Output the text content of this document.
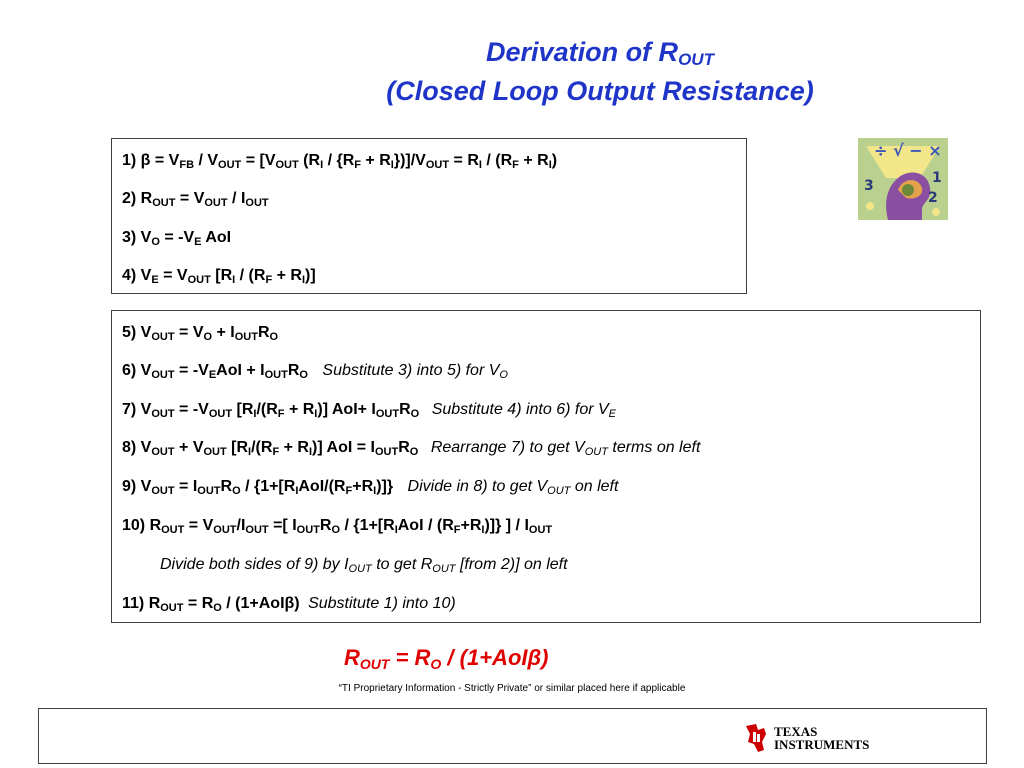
Derivation of $R_{OUT}$
(Closed Loop Output Resistance)
÷ √ − ×
3	1
2
1) $\beta = V_{FB} / V_{OUT} = [V_{OUT}$ $(R_I / \{R_F + R_I\})]/V_{OUT} = R_I / (R_F + R_I)$
2) $R_{OUT} = V_{OUT} / I_{OUT}$
3) $V_O = -V_E$ AoI
4) $V_E = V_{OUT}$ $[R_I / (R_F + R_I)]$
5) $V_{OUT} = V_O + I_{OUT}R_O$
6) $V_{OUT} = -V_EAoI + I_{OUT}R_O$ Substitute 3) into 5) for $V_O$
7) $V_{OUT} = -V_{OUT}$ $[R_I/(R_F + R_I)]$ $AoI+ I_{OUT}R_O$ Substitute 4) into 6) for $V_E$
8) $V_{OUT} + V_{OUT}$ $[R_I/(R_F + R_I)]$ AoI = $I_{OUT}R_O$ Rearrange 7) to get $V_{OUT}$ terms on left
9) $V_{OUT} = I_{OUT}R_O / \{1+[R_IAoI/(R_F+R_I)]\}$ Divide in 8) to get $V_{OUT}$ on left
10) $R_{OUT} = V_{OUT}/I_{OUT}$ =[ $I_{OUT}R_O / \{1+[R_IAoI / (R_F+R_I)]\}$ ] / $I_{OUT}$
Divide both sides of 9) by $I_{OUT}$ to get $R_{OUT}$ [from 2)] on left
11) $R_{OUT} = R_O / (1+AoI\beta)$ Substitute 1) into 10)
$R_{OUT} = R_O / (1+AoI\beta)$
“TI Proprietary Information - Strictly Private” or similar placed here if applicable
TEXAS
INSTRUMENTS
